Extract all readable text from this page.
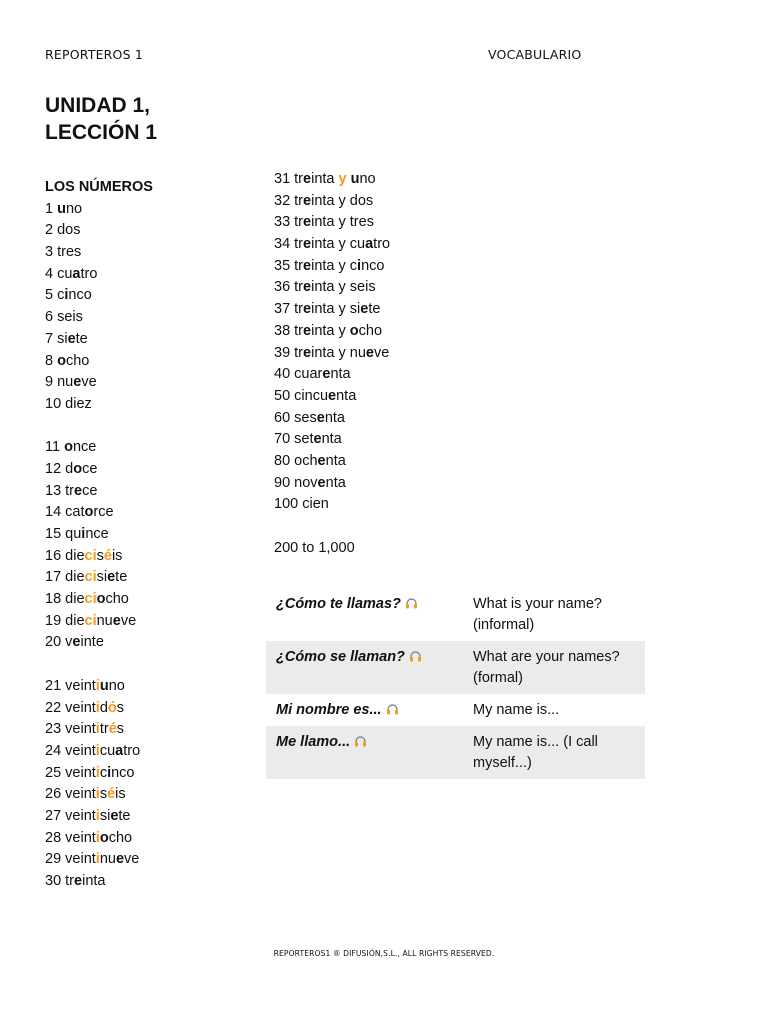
REPORTEROS 1	VOCABULARIO
UNIDAD 1,
LECCIÓN 1
LOS NÚMEROS
1 uno
2 dos
3 tres
4 cuatro
5 cinco
6 seis
7 siete
8 ocho
9 nueve
10 diez
11 once
12 doce
13 trece
14 catorce
15 quince
16 dieciséis
17 diecisiete
18 dieciocho
19 diecinueve
20 veinte
21 veintiuno
22 veintidós
23 veintitrés
24 veinticuatro
25 veinticinco
26 veintiséis
27 veintisiete
28 veintiocho
29 veintinueve
30 treinta
31 treinta y uno
32 treinta y dos
33 treinta y tres
34 treinta y cuatro
35 treinta y cinco
36 treinta y seis
37 treinta y siete
38 treinta y ocho
39 treinta y nueve
40 cuarenta
50 cincuenta
60 sesenta
70 setenta
80 ochenta
90 noventa
100 cien
200 to 1,000
¿Cómo te llamas?	What is your name? (informal)
¿Cómo se llaman?	What are your names? (formal)
Mi nombre es...	My name is...
Me llamo...	My name is... (I call myself...)
REPORTEROS1 ® DIFUSIÓN,S.L., ALL RIGHTS RESERVED.
